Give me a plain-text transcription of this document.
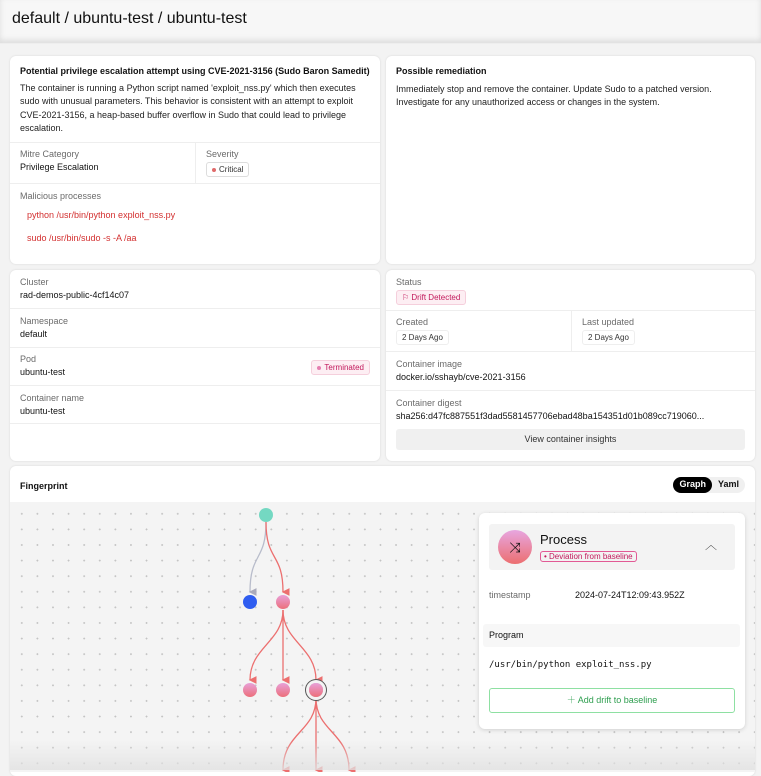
default / ubuntu-test / ubuntu-test
Potential privilege escalation attempt using CVE-2021-3156 (Sudo Baron Samedit)
The container is running a Python script named 'exploit_nss.py' which then executes sudo with unusual parameters. This behavior is consistent with an attempt to exploit CVE-2021-3156, a heap-based buffer overflow in Sudo that could lead to privilege escalation.
Mitre Category
Privilege Escalation
Severity
Critical
Malicious processes
python /usr/bin/python exploit_nss.py
sudo /usr/bin/sudo -s -A /aa
Possible remediation
Immediately stop and remove the container. Update Sudo to a patched version. Investigate for any unauthorized access or changes in the system.
Cluster
rad-demos-public-4cf14c07
Namespace
default
Pod
ubuntu-test	Terminated
Container name
ubuntu-test
Status
⚐ Drift Detected
Created
2 Days Ago
Last updated
2 Days Ago
Container image
docker.io/sshayb/cve-2021-3156
Container digest
sha256:d47fc887551f3dad5581457706ebad48ba154351d01b089cc719060...
View container insights
Fingerprint	Graph	Yaml
⤨	Process
• Deviation from baseline
︿
timestamp	2024-07-24T12:09:43.952Z
Program
/usr/bin/python exploit_nss.py
＋ Add drift to baseline
